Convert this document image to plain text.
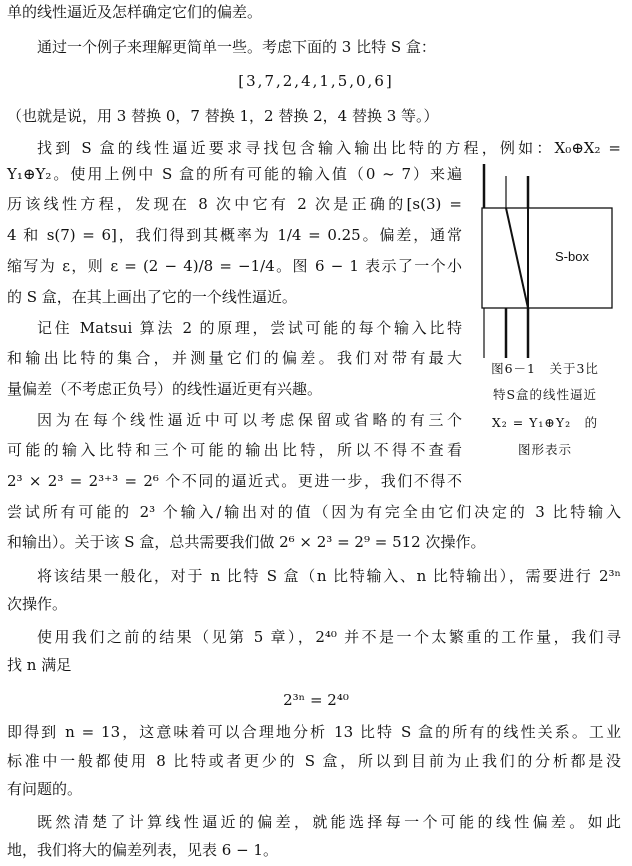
单的线性逼近及怎样确定它们的偏差。
通过一个例子来理解更简单一些。考虑下面的 3 比特 S 盒：
[3,7,2,4,1,5,0,6]
（也就是说，用 3 替换 0，7 替换 1，2 替换 2，4 替换 3 等。）
找到 S 盒的线性逼近要求寻找包含输入输出比特的方程，例如：X₀⊕X₂ =
Y₁⊕Y₂。使用上例中 S 盒的所有可能的输入值（0 ~ 7）来遍
历该线性方程，发现在 8 次中它有 2 次是正确的[s(3) =
4 和 s(7) = 6]，我们得到其概率为 1/4 = 0.25。偏差，通常
缩写为 ε，则 ε = (2 − 4)/8 = −1/4。图 6 − 1 表示了一个小
的 S 盒，在其上画出了它的一个线性逼近。
记住 Matsui 算法 2 的原理，尝试可能的每个输入比特
和输出比特的集合，并测量它们的偏差。我们对带有最大
量偏差（不考虑正负号）的线性逼近更有兴趣。
因为在每个线性逼近中可以考虑保留或省略的有三个
可能的输入比特和三个可能的输出比特，所以不得不查看
2³ × 2³ = 2³⁺³ = 2⁶ 个不同的逼近式。更进一步，我们不得不
尝试所有可能的 2³ 个输入/输出对的值（因为有完全由它们决定的 3 比特输入
和输出）。关于该 S 盒，总共需要我们做 2⁶ × 2³ = 2⁹ = 512 次操作。
将该结果一般化，对于 n 比特 S 盒（n 比特输入、n 比特输出），需要进行 2³ⁿ
次操作。
使用我们之前的结果（见第 5 章），2⁴⁰ 并不是一个太繁重的工作量，我们寻
找 n 满足
2³ⁿ = 2⁴⁰
即得到 n = 13，这意味着可以合理地分析 13 比特 S 盒的所有的线性关系。工业
标准中一般都使用 8 比特或者更少的 S 盒，所以到目前为止我们的分析都是没
有问题的。
既然清楚了计算线性逼近的偏差，就能选择每一个可能的线性偏差。如此
地，我们将大的偏差列表，见表 6 − 1。
S-box
图6－1　关于3比
特S盒的线性逼近
X₂ = Y₁⊕Y₂　的
图形表示
